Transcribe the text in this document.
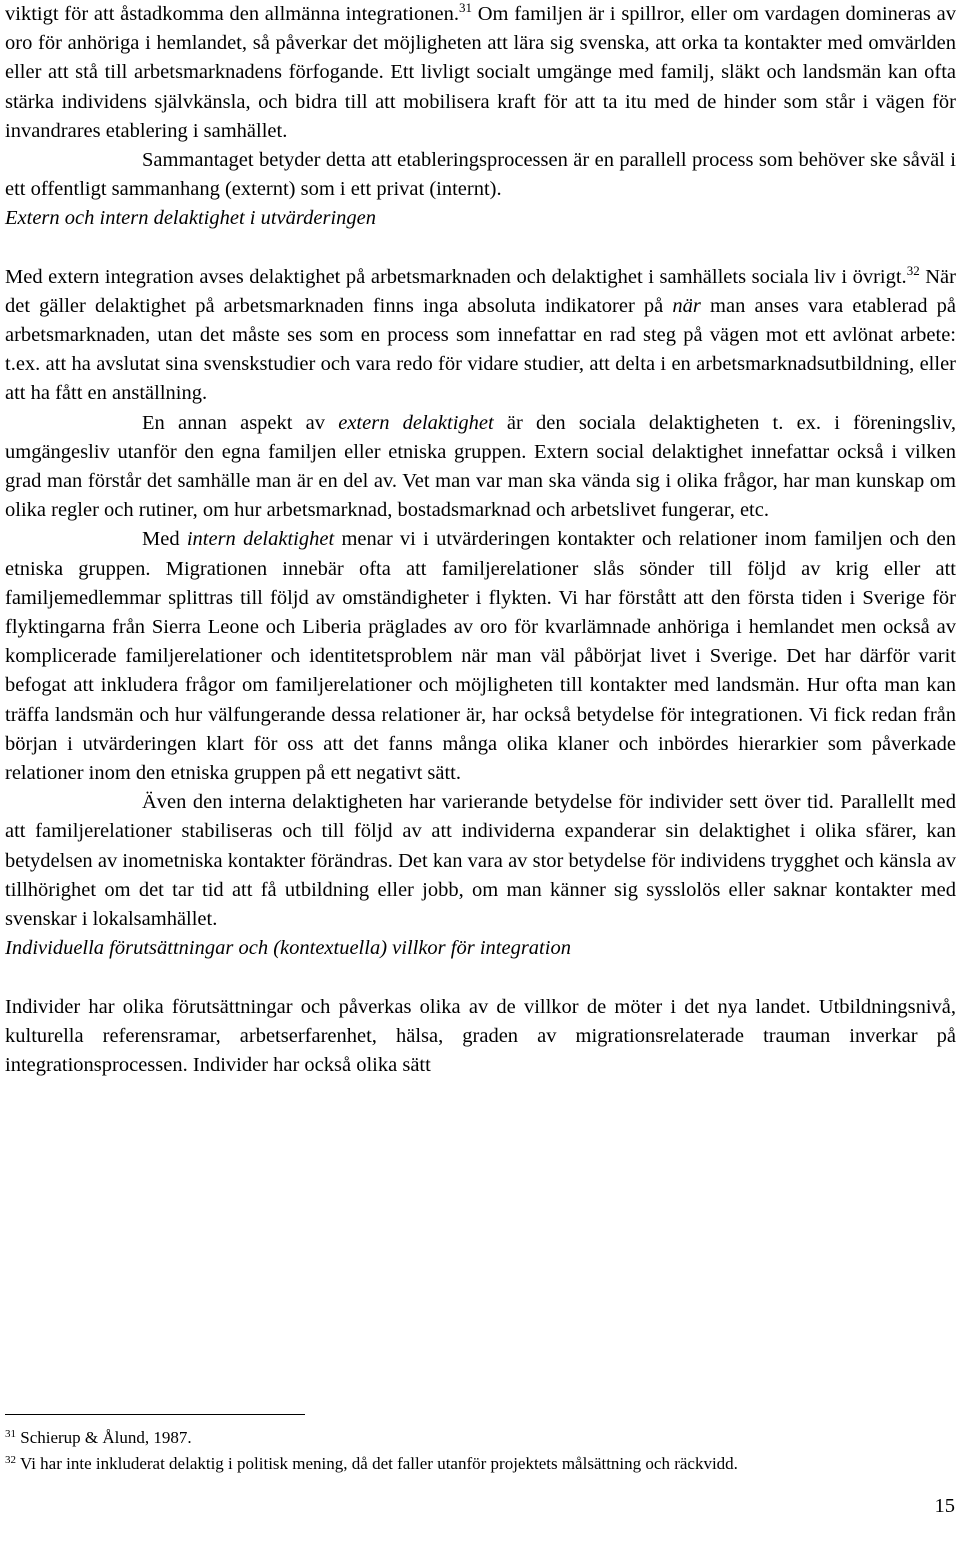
viktigt för att åstadkomma den allmänna integrationen.$^{31}$ Om familjen är i spillror, eller om vardagen domineras av oro för anhöriga i hemlandet, så påverkar det möjligheten att lära sig svenska, att orka ta kontakter med omvärlden eller att stå till arbetsmarknadens förfogande. Ett livligt socialt umgänge med familj, släkt och landsmän kan ofta stärka individens självkänsla, och bidra till att mobilisera kraft för att ta itu med de hinder som står i vägen för invandrares etablering i samhället.

Sammantaget betyder detta att etableringsprocessen är en parallell process som behöver ske såväl i ett offentligt sammanhang (externt) som i ett privat (internt).

Extern och intern delaktighet i utvärderingen

Med extern integration avses delaktighet på arbetsmarknaden och delaktighet i samhällets sociala liv i övrigt.$^{32}$ När det gäller delaktighet på arbetsmarknaden finns inga absoluta indikatorer på när man anses vara etablerad på arbetsmarknaden, utan det måste ses som en process som innefattar en rad steg på vägen mot ett avlönat arbete: t.ex. att ha avslutat sina svenskstudier och vara redo för vidare studier, att delta i en arbetsmarknadsutbildning, eller att ha fått en anställning.

En annan aspekt av extern delaktighet är den sociala delaktigheten t. ex. i föreningsliv, umgängesliv utanför den egna familjen eller etniska gruppen. Extern social delaktighet innefattar också i vilken grad man förstår det samhälle man är en del av. Vet man var man ska vända sig i olika frågor, har man kunskap om olika regler och rutiner, om hur arbetsmarknad, bostadsmarknad och arbetslivet fungerar, etc.

Med intern delaktighet menar vi i utvärderingen kontakter och relationer inom familjen och den etniska gruppen. Migrationen innebär ofta att familjerelationer slås sönder till följd av krig eller att familjemedlemmar splittras till följd av omständigheter i flykten. Vi har förstått att den första tiden i Sverige för flyktingarna från Sierra Leone och Liberia präglades av oro för kvarlämnade anhöriga i hemlandet men också av komplicerade familjerelationer och identitetsproblem när man väl påbörjat livet i Sverige. Det har därför varit befogat att inkludera frågor om familjerelationer och möjligheten till kontakter med landsmän. Hur ofta man kan träffa landsmän och hur välfungerande dessa relationer är, har också betydelse för integrationen. Vi fick redan från början i utvärderingen klart för oss att det fanns många olika klaner och inbördes hierarkier som påverkade relationer inom den etniska gruppen på ett negativt sätt.

Även den interna delaktigheten har varierande betydelse för individer sett över tid. Parallellt med att familjerelationer stabiliseras och till följd av att individerna expanderar sin delaktighet i olika sfärer, kan betydelsen av inometniska kontakter förändras. Det kan vara av stor betydelse för individens trygghet och känsla av tillhörighet om det tar tid att få utbildning eller jobb, om man känner sig sysslolös eller saknar kontakter med svenskar i lokalsamhället.

Individuella förutsättningar och (kontextuella) villkor för integration

Individer har olika förutsättningar och påverkas olika av de villkor de möter i det nya landet. Utbildningsnivå, kulturella referensramar, arbetserfarenhet, hälsa, graden av migrationsrelaterade trauman inverkar på integrationsprocessen. Individer har också olika sätt

$^{31}$ Schierup & Ålund, 1987.
$^{32}$ Vi har inte inkluderat delaktig i politisk mening, då det faller utanför projektets målsättning och räckvidd.
15
